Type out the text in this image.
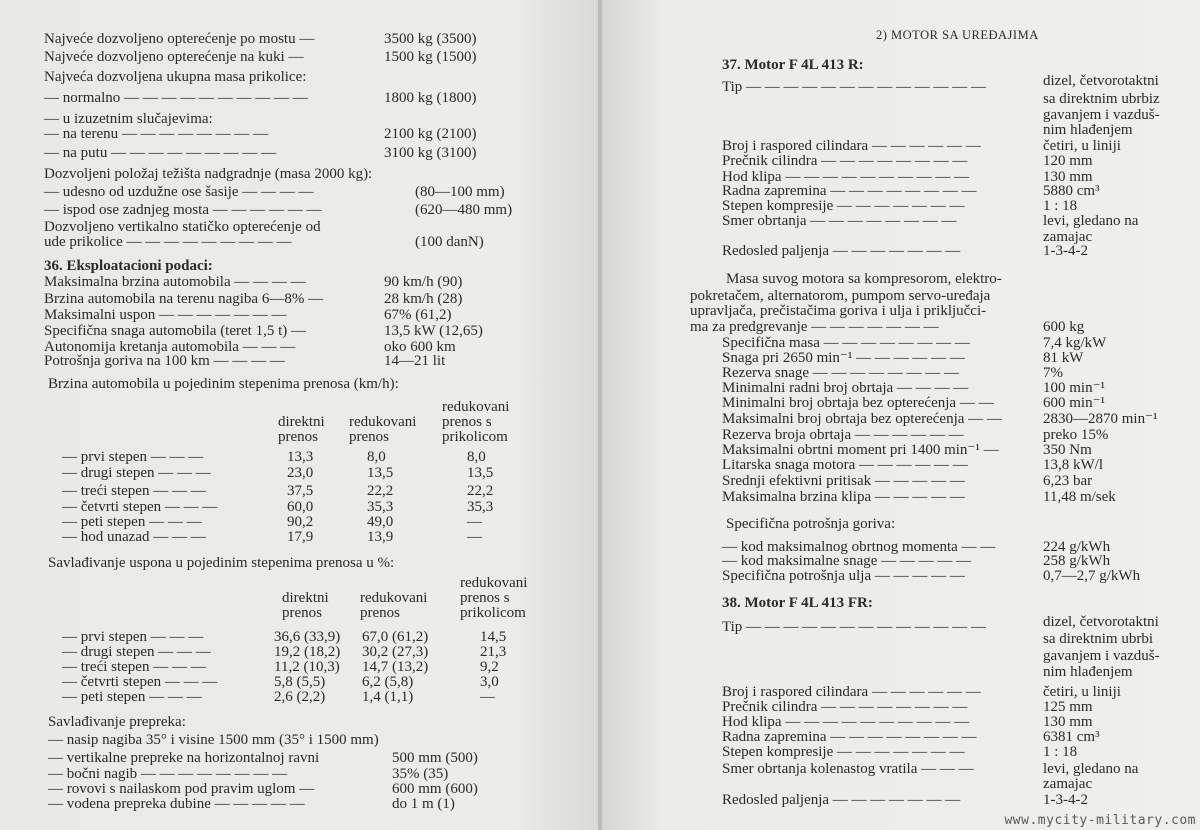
Najveće dozvoljeno opterećenje po mostu —	3500 kg (3500)
Najveće dozvoljeno opterećenje na kuki —	1500 kg (1500)
Najveća dozvoljena ukupna masa prikolice:
— normalno — — — — — — — — — —	1800 kg (1800)
— u izuzetnim slučajevima:
— na terenu — — — — — — — —	2100 kg (2100)
— na putu — — — — — — — — —	3100 kg (3100)
Dozvoljeni položaj težišta nadgradnje (masa 2000 kg):
— udesno od uzdužne ose šasije — — — —	(80—100 mm)
— ispod ose zadnjeg mosta — — — — — —	(620—480 mm)
Dozvoljeno vertikalno statičko opterećenje od
ude prikolice — — — — — — — — —	(100 danN)
36. Eksploatacioni podaci:
Maksimalna brzina automobila — — — —	90 km/h (90)
Brzina automobila na terenu nagiba 6—8% —	28 km/h (28)
Maksimalni uspon — — — — — — —	67% (61,2)
Specifična snaga automobila (teret 1,5 t) —	13,5 kW (12,65)
Autonomija kretanja automobila — — —	oko 600 km
Potrošnja goriva na 100 km — — — —	14—21 lit
Brzina automobila u pojedinim stepenima prenosa (km/h):
direktni
prenos
redukovani
prenos
redukovani
prenos s
prikolicom
— prvi stepen — — —	13,3	8,0	8,0
— drugi stepen — — —	23,0	13,5	13,5
— treći stepen — — —	37,5	22,2	22,2
— četvrti stepen — — —	60,0	35,3	35,3
— peti stepen — — —	90,2	49,0	—
— hod unazad — — —	17,9	13,9	—
Savlađivanje uspona u pojedinim stepenima prenosa u %:
direktni
prenos
redukovani
prenos
redukovani
prenos s
prikolicom
— prvi stepen — — —	36,6 (33,9) 67,0 (61,2)	14,5
— drugi stepen — — —	19,2 (18,2) 30,2 (27,3)	21,3
— treći stepen — — —	11,2 (10,3) 14,7 (13,2)	9,2
— četvrti stepen — — —	5,8 (5,5) 6,2 (5,8)	3,0
— peti stepen — — —	2,6 (2,2) 1,4 (1,1)	—
Savlađivanje prepreka:
— nasip nagiba 35° i visine 1500 mm (35° i 1500 mm)
— vertikalne prepreke na horizontalnoj ravni	500 mm (500)
— bočni nagib — — — — — — — —	35% (35)
— rovovi s nailaskom pod pravim uglom —	600 mm (600)
— vodena prepreka dubine — — — — —	do 1 m (1)
2) MOTOR SA UREĐAJIMA
37. Motor F 4L 413 R:
Tip — — — — — — — — — — — — —	dizel, četvorotaktni
sa direktnim ubrbiz
gavanjem i vazduš-
nim hlađenjem
Broj i raspored cilindara — — — — — —	četiri, u liniji
Prečnik cilindra — — — — — — — —	120 mm
Hod klipa — — — — — — — — — —	130 mm
Radna zapremina — — — — — — — —	5880 cm³
Stepen kompresije — — — — — — —	1 : 18
Smer obrtanja — — — — — — — —	levi, gledano na
zamajac
Redosled paljenja — — — — — — —	1-3-4-2
Masa suvog motora sa kompresorom, elektro-
pokretačem, alternatorom, pumpom servo-uređaja
upravljača, prečistačima goriva i ulja i priključci-
ma za predgrevanje — — — — — — —	600 kg
Specifična masa — — — — — — — —	7,4 kg/kW
Snaga pri 2650 min⁻¹ — — — — — —	81 kW
Rezerva snage — — — — — — — —	7%
Minimalni radni broj obrtaja — — — —	100 min⁻¹
Minimalni broj obrtaja bez opterećenja — —	600 min⁻¹
Maksimalni broj obrtaja bez opterećenja — —	2830—2870 min⁻¹
Rezerva broja obrtaja — — — — — —	preko 15%
Maksimalni obrtni moment pri 1400 min⁻¹ —	350 Nm
Litarska snaga motora — — — — — —	13,8 kW/l
Srednji efektivni pritisak — — — — —	6,23 bar
Maksimalna brzina klipa — — — — —	11,48 m/sek
Specifična potrošnja goriva:
— kod maksimalnog obrtnog momenta — —	224 g/kWh
— kod maksimalne snage — — — — —	258 g/kWh
Specifična potrošnja ulja — — — — —	0,7—2,7 g/kWh
38. Motor F 4L 413 FR:
Tip — — — — — — — — — — — — —	dizel, četvorotaktni
sa direktnim ubrbi
gavanjem i vazduš-
nim hlađenjem
Broj i raspored cilindara — — — — — —	četiri, u liniji
Prečnik cilindra — — — — — — — —	125 mm
Hod klipa — — — — — — — — — —	130 mm
Radna zapremina — — — — — — — —	6381 cm³
Stepen kompresije — — — — — — —	1 : 18
Smer obrtanja kolenastog vratila — — —	levi, gledano na
zamajac
Redosled paljenja — — — — — — —	1-3-4-2
www.mycity-military.com
